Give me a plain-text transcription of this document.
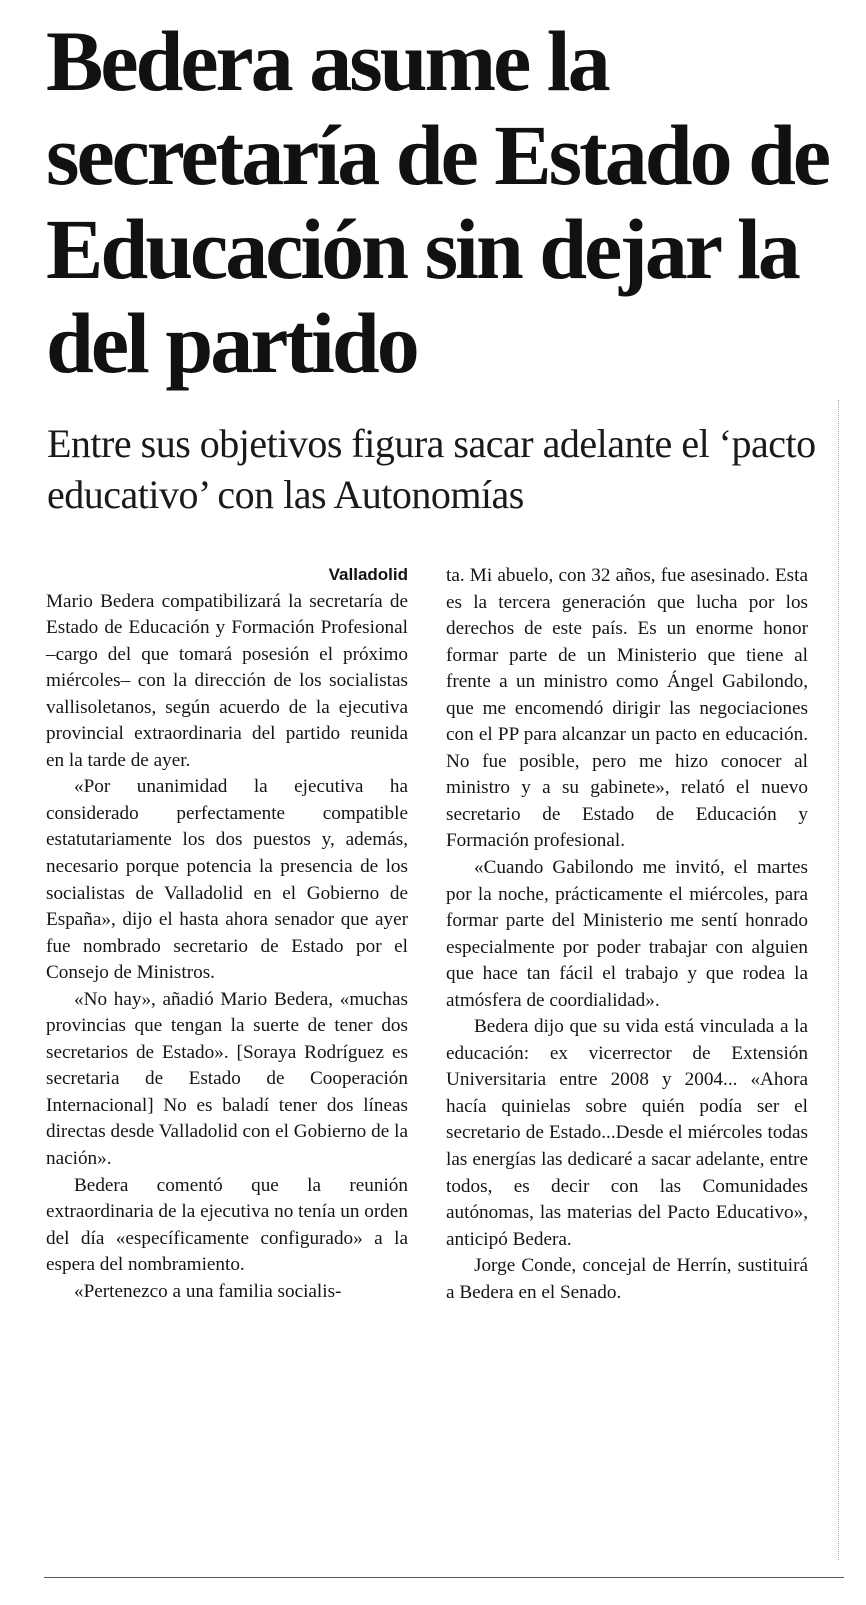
Bedera asume la secretaría de Estado de Educación sin dejar la del partido
Entre sus objetivos figura sacar adelante el ‘pacto educativo’ con las Autonomías
Valladolid

Mario Bedera compatibilizará la secretaría de Estado de Educación y Formación Profesional –cargo del que tomará posesión el próximo miércoles– con la dirección de los socialistas vallisoletanos, según acuerdo de la ejecutiva provincial extraordinaria del partido reunida en la tarde de ayer.

«Por unanimidad la ejecutiva ha considerado perfectamente compatible estatutariamente los dos puestos y, además, necesario porque potencia la presencia de los socialistas de Valladolid en el Gobierno de España», dijo el hasta ahora senador que ayer fue nombrado secretario de Estado por el Consejo de Ministros.

«No hay», añadió Mario Bedera, «muchas provincias que tengan la suerte de tener dos secretarios de Estado». [Soraya Rodríguez es secretaria de Estado de Cooperación Internacional] No es baladí tener dos líneas directas desde Valladolid con el Gobierno de la nación».

Bedera comentó que la reunión extraordinaria de la ejecutiva no tenía un orden del día «específicamente configurado» a la espera del nombramiento.

«Pertenezco a una familia socialis-

ta. Mi abuelo, con 32 años, fue asesinado. Esta es la tercera generación que lucha por los derechos de este país. Es un enorme honor formar parte de un Ministerio que tiene al frente a un ministro como Ángel Gabilondo, que me encomendó dirigir las negociaciones con el PP para alcanzar un pacto en educación. No fue posible, pero me hizo conocer al ministro y a su gabinete», relató el nuevo secretario de Estado de Educación y Formación profesional.

«Cuando Gabilondo me invitó, el martes por la noche, prácticamente el miércoles, para formar parte del Ministerio me sentí honrado especialmente por poder trabajar con alguien que hace tan fácil el trabajo y que rodea la atmósfera de coordialidad».

Bedera dijo que su vida está vinculada a la educación: ex vicerrector de Extensión Universitaria entre 2008 y 2004... «Ahora hacía quinielas sobre quién podía ser el secretario de Estado...Desde el miércoles todas las energías las dedicaré a sacar adelante, entre todos, es decir con las Comunidades autónomas, las materias del Pacto Educativo», anticipó Bedera.

Jorge Conde, concejal de Herrín, sustituirá a Bedera en el Senado.
